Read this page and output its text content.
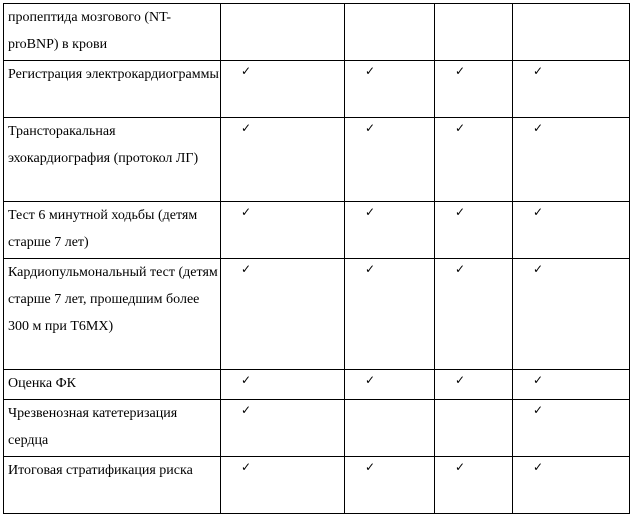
пропептида мозгового (NT-proBNP) в крови				

Регистрация электрокардиограммы	✓	✓	✓	✓

Трансторакальная эхокардиография (протокол ЛГ)	✓	✓	✓	✓

Тест 6 минутной ходьбы (детям старше 7 лет)	✓	✓	✓	✓

Кардиопульмональный тест (детям старше 7 лет, прошедшим более 300 м при Т6МХ)	✓	✓	✓	✓

Оценка ФК	✓	✓	✓	✓

Чрезвенозная катетеризация сердца	✓			✓

Итоговая стратификация риска	✓	✓	✓	✓
